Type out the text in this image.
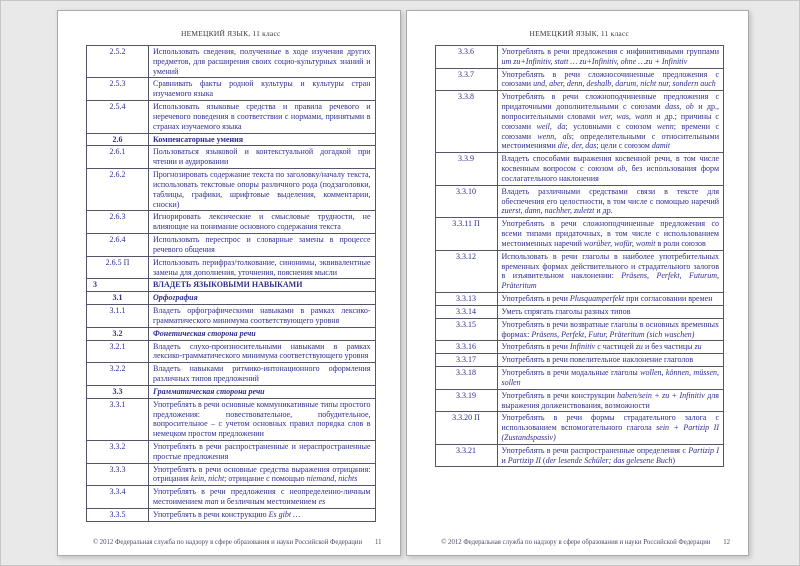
НЕМЕЦКИЙ ЯЗЫК, 11 класс
2.5.2	Использовать сведения, полученные в ходе изучения других предметов, для расширения своих социо-культурных знаний и умений
2.5.3	Сравнивать факты родной культуры и культуры стран изучаемого языка
2.5.4	Использовать языковые средства и правила речевого и неречевого поведения в соответствии с нормами, принятыми в странах изучаемого языка
2.6	Компенсаторные умения
2.6.1	Пользоваться языковой и контекстуальной догадкой при чтении и аудировании
2.6.2	Прогнозировать содержание текста по заголовку/началу текста, использовать текстовые опоры различного рода (подзаголовки, таблицы, графики, шрифтовые выделения, комментарии, сноски)
2.6.3	Игнорировать лексические и смысловые трудности, не влияющие на понимание основного содержания текста
2.6.4	Использовать переспрос и словарные замены в процессе речевого общения
2.6.5 П	Использовать перифраз/толкование, синонимы, эквивалентные замены для дополнения, уточнения, пояснения мысли
3	ВЛАДЕТЬ ЯЗЫКОВЫМИ НАВЫКАМИ
3.1	Орфография
3.1.1	Владеть орфографическими навыками в рамках лексико-грамматического минимума соответствующего уровня
3.2	Фонетическая сторона речи
3.2.1	Владеть слухо-произносительными навыками в рамках лексико-грамматического минимума соответствующего уровня
3.2.2	Владеть навыками ритмико-интонационного оформления различных типов предложений
3.3	Грамматическая сторона речи
3.3.1	Употреблять в речи основные коммуникативные типы простого предложения: повествовательное, побудительное, вопросительное – с учетом основных правил порядка слов в немецком простом предложении
3.3.2	Употреблять в речи распространенные и нераспространенные простые предложения
3.3.3	Употреблять в речи основные средства выражения отрицания: отрицания kein, nicht; отрицание с помощью niemand, nichts
3.3.4	Употреблять в речи предложения с неопределенно-личным местоимением man и безличным местоимением es
3.3.5	Употреблять в речи конструкцию Es gibt …
© 2012 Федеральная служба по надзору в сфере образования и науки Российской Федерации	11
НЕМЕЦКИЙ ЯЗЫК, 11 класс
3.3.6	Употреблять в речи предложения с инфинитивными группами um zu+Infinitiv, statt … zu+Infinitiv, ohne …zu + Infinitiv
3.3.7	Употреблять в речи сложносочиненные предложения с союзами und, aber, denn, deshalb, darum, nicht nur, sondern auch
3.3.8	Употреблять в речи сложноподчиненные предложения с придаточными дополнительными с союзами dass, ob и др., вопросительными словами wer, was, wann и др.; причины с союзами weil, da; условными с союзом wenn; времени с союзами wenn, als; определительными с относительными местоимениями die, der, das; цели с союзом damit
3.3.9	Владеть способами выражения косвенной речи, в том числе косвенным вопросом с союзом ob, без использования форм сослагательного наклонения
3.3.10	Владеть различными средствами связи в тексте для обеспечения его целостности, в том числе с помощью наречий zuerst, dann, nachher, zuletzt и др.
3.3.11 П	Употреблять в речи сложноподчиненные предложения со всеми типами придаточных, в том числе с использованием местоименных наречий worüber, wofür, womit в роли союзов
3.3.12	Использовать в речи глаголы в наиболее употребительных временных формах действительного и страдательного залогов в изъявительном наклонении: Präsens, Perfekt, Futurum, Präteritum
3.3.13	Употреблять в речи Plusquamperfekt при согласовании времен
3.3.14	Уметь спрягать глаголы разных типов
3.3.15	Употреблять в речи возвратные глаголы в основных временных формах: Präsens, Perfekt, Futur, Präteritum (sich waschen)
3.3.16	Употреблять в речи Infinitiv с частицей zu и без частицы zu
3.3.17	Употреблять в речи повелительное наклонение глаголов
3.3.18	Употреблять в речи модальные глаголы wollen, können, müssen, sollen
3.3.19	Употреблять в речи конструкции haben/sein + zu + Infinitiv для выражения долженствования, возможности
3.3.20 П	Употреблять в речи формы страдательного залога с использованием вспомогательного глагола sein + Partizip II (Zustandspassiv)
3.3.21	Употреблять в речи распространенные определения с Partizip I и Partizip II (der lesende Schüler; das gelesene Buch)
© 2012 Федеральная служба по надзору в сфере образования и науки Российской Федерации	12
